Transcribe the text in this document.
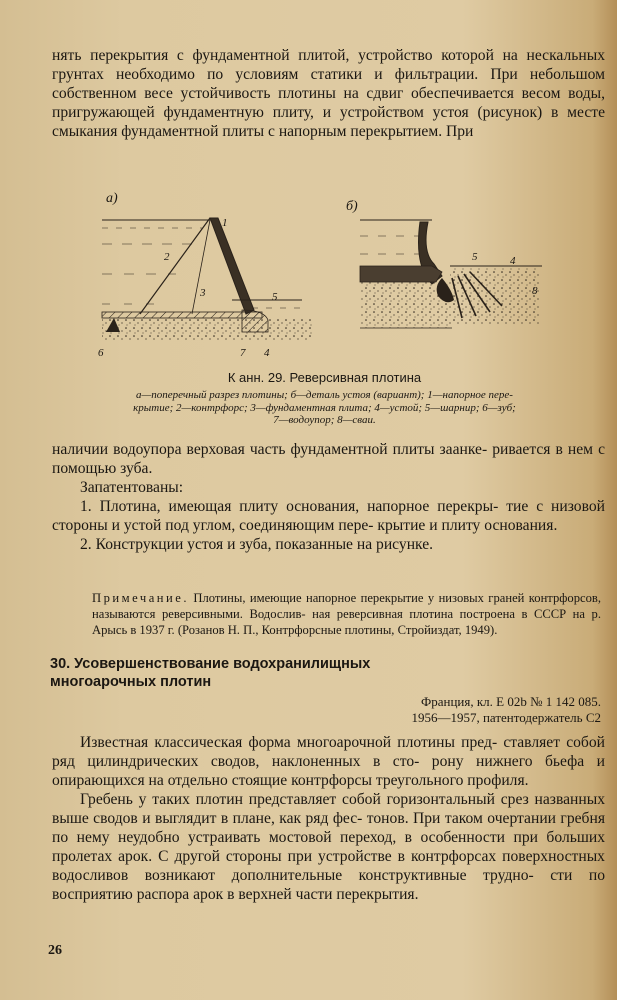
нять перекрытия с фундаментной плитой, устройство которой на нескальных грунтах необходимо по условиям статики и фильтрации. При небольшом собственном весе устойчивость плотины на сдвиг обеспечивается весом воды, пригружающей фундаментную плиту, и устройством устоя (рисунок) в месте смыкания фундаментной плиты с напорным перекрытием. При

а)
1
2
3	5
6	7 4
б)
5	4
8

К анн. 29. Реверсивная плотина

а—поперечный разрез плотины; б—деталь устоя (вариант); 1—напорное пере-
крытие; 2—контрфорс; 3—фундаментная плита; 4—устой; 5—шарнир; 6—зуб;
7—водоупор; 8—сваи.

наличии водоупора верховая часть фундаментной плиты заанке- ривается в нем с помощью зуба.

Запатентованы:

1. Плотина, имеющая плиту основания, напорное перекры- тие с низовой стороны и устой под углом, соединяющим пере- крытие и плиту основания.

2. Конструкции устоя и зуба, показанные на рисунке.

Примечание. Плотины, имеющие напорное перекрытие у низовых граней контрфорсов, называются реверсивными. Водослив- ная реверсивная плотина построена в СССР на р. Арысь в 1937 г. (Розанов Н. П., Контрфорсные плотины, Стройиздат, 1949).

30. Усовершенствование водохранилищных
многоарочных плотин

Франция, кл. E 02b № 1 142 085.
1956—1957, патентодержатель С2

Известная классическая форма многоарочной плотины пред- ставляет собой ряд цилиндрических сводов, наклоненных в сто- рону нижнего бьефа и опирающихся на отдельно стоящие контрфорсы треугольного профиля.

Гребень у таких плотин представляет собой горизонтальный срез названных выше сводов и выглядит в плане, как ряд фес- тонов. При таком очертании гребня по нему неудобно устраивать мостовой переход, в особенности при больших пролетах арок. С другой стороны при устройстве в контрфорсах поверхностных водосливов возникают дополнительные конструктивные трудно- сти по восприятию распора арок в верхней части перекрытия.

26
